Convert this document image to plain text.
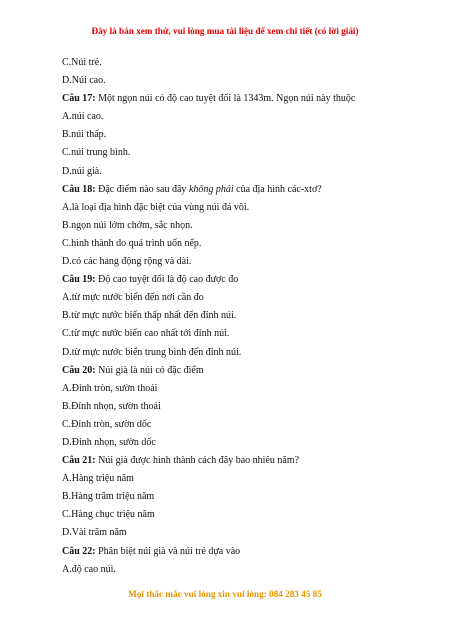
Đây là bản xem thử, vui lòng mua tài liệu để xem chi tiết (có lời giải)
C.Núi trẻ.
D.Núi cao.
Câu 17: Một ngọn núi có độ cao tuyệt đối là 1343m. Ngọn núi này thuộc
A.núi cao.
B.núi thấp.
C.núi trung bình.
D.núi già.
Câu 18: Đặc điểm nào sau đây không phải của địa hình các-xtơ?
A.là loại địa hình đặc biệt của vùng núi đá vôi.
B.ngọn núi lởm chởm, sắc nhọn.
C.hình thành do quá trình uốn nếp.
D.có các hang động rộng và dài.
Câu 19: Độ cao tuyệt đối là độ cao được đo
A.từ mực nước biển đến nơi cần đo
B.từ mực nước biển thấp nhất đến đỉnh núi.
C.từ mực nước biển cao nhất tới đỉnh núi.
D.từ mực nước biển trung bình đến đỉnh núi.
Câu 20: Núi già là núi có đặc điểm
A.Đỉnh tròn, sườn thoải
B.Đỉnh nhọn, sườn thoải
C.Đỉnh tròn, sườn dốc
D.Đỉnh nhọn, sườn dốc
Câu 21: Núi già được hình thành cách đây bao nhiêu năm?
A.Hàng triệu năm
B.Hàng trăm triệu năm
C.Hàng chục triệu năm
D.Vài trăm năm
Câu 22: Phân biệt núi già và núi trẻ dựa vào
A.độ cao núi.
Mọi thắc mắc vui lòng xin vui lòng: 084 283 45 85
